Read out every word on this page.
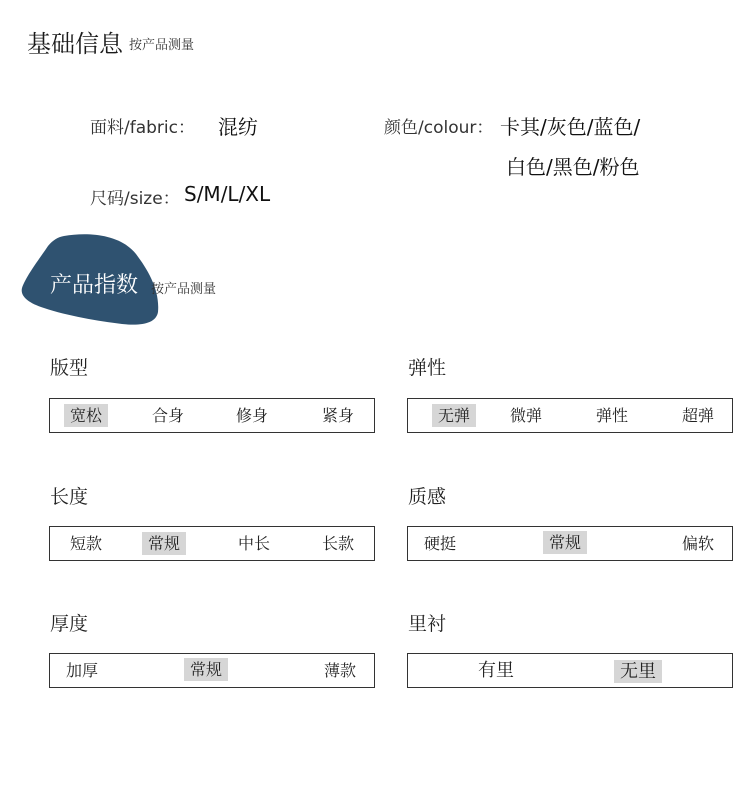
基础信息 按产品测量
面料/fabric： 混纺	颜色/colour： 卡其/灰色/蓝色/
白色/黑色/粉色
尺码/size： S/M/L/XL
产品指数 按产品测量
版型
宽松	合身	修身	紧身
弹性
无弹	微弹	弹性	超弹
长度
短款	常规	中长	长款
质感
硬挺	常规	偏软
厚度
加厚	常规	薄款
里衬
有里	无里
